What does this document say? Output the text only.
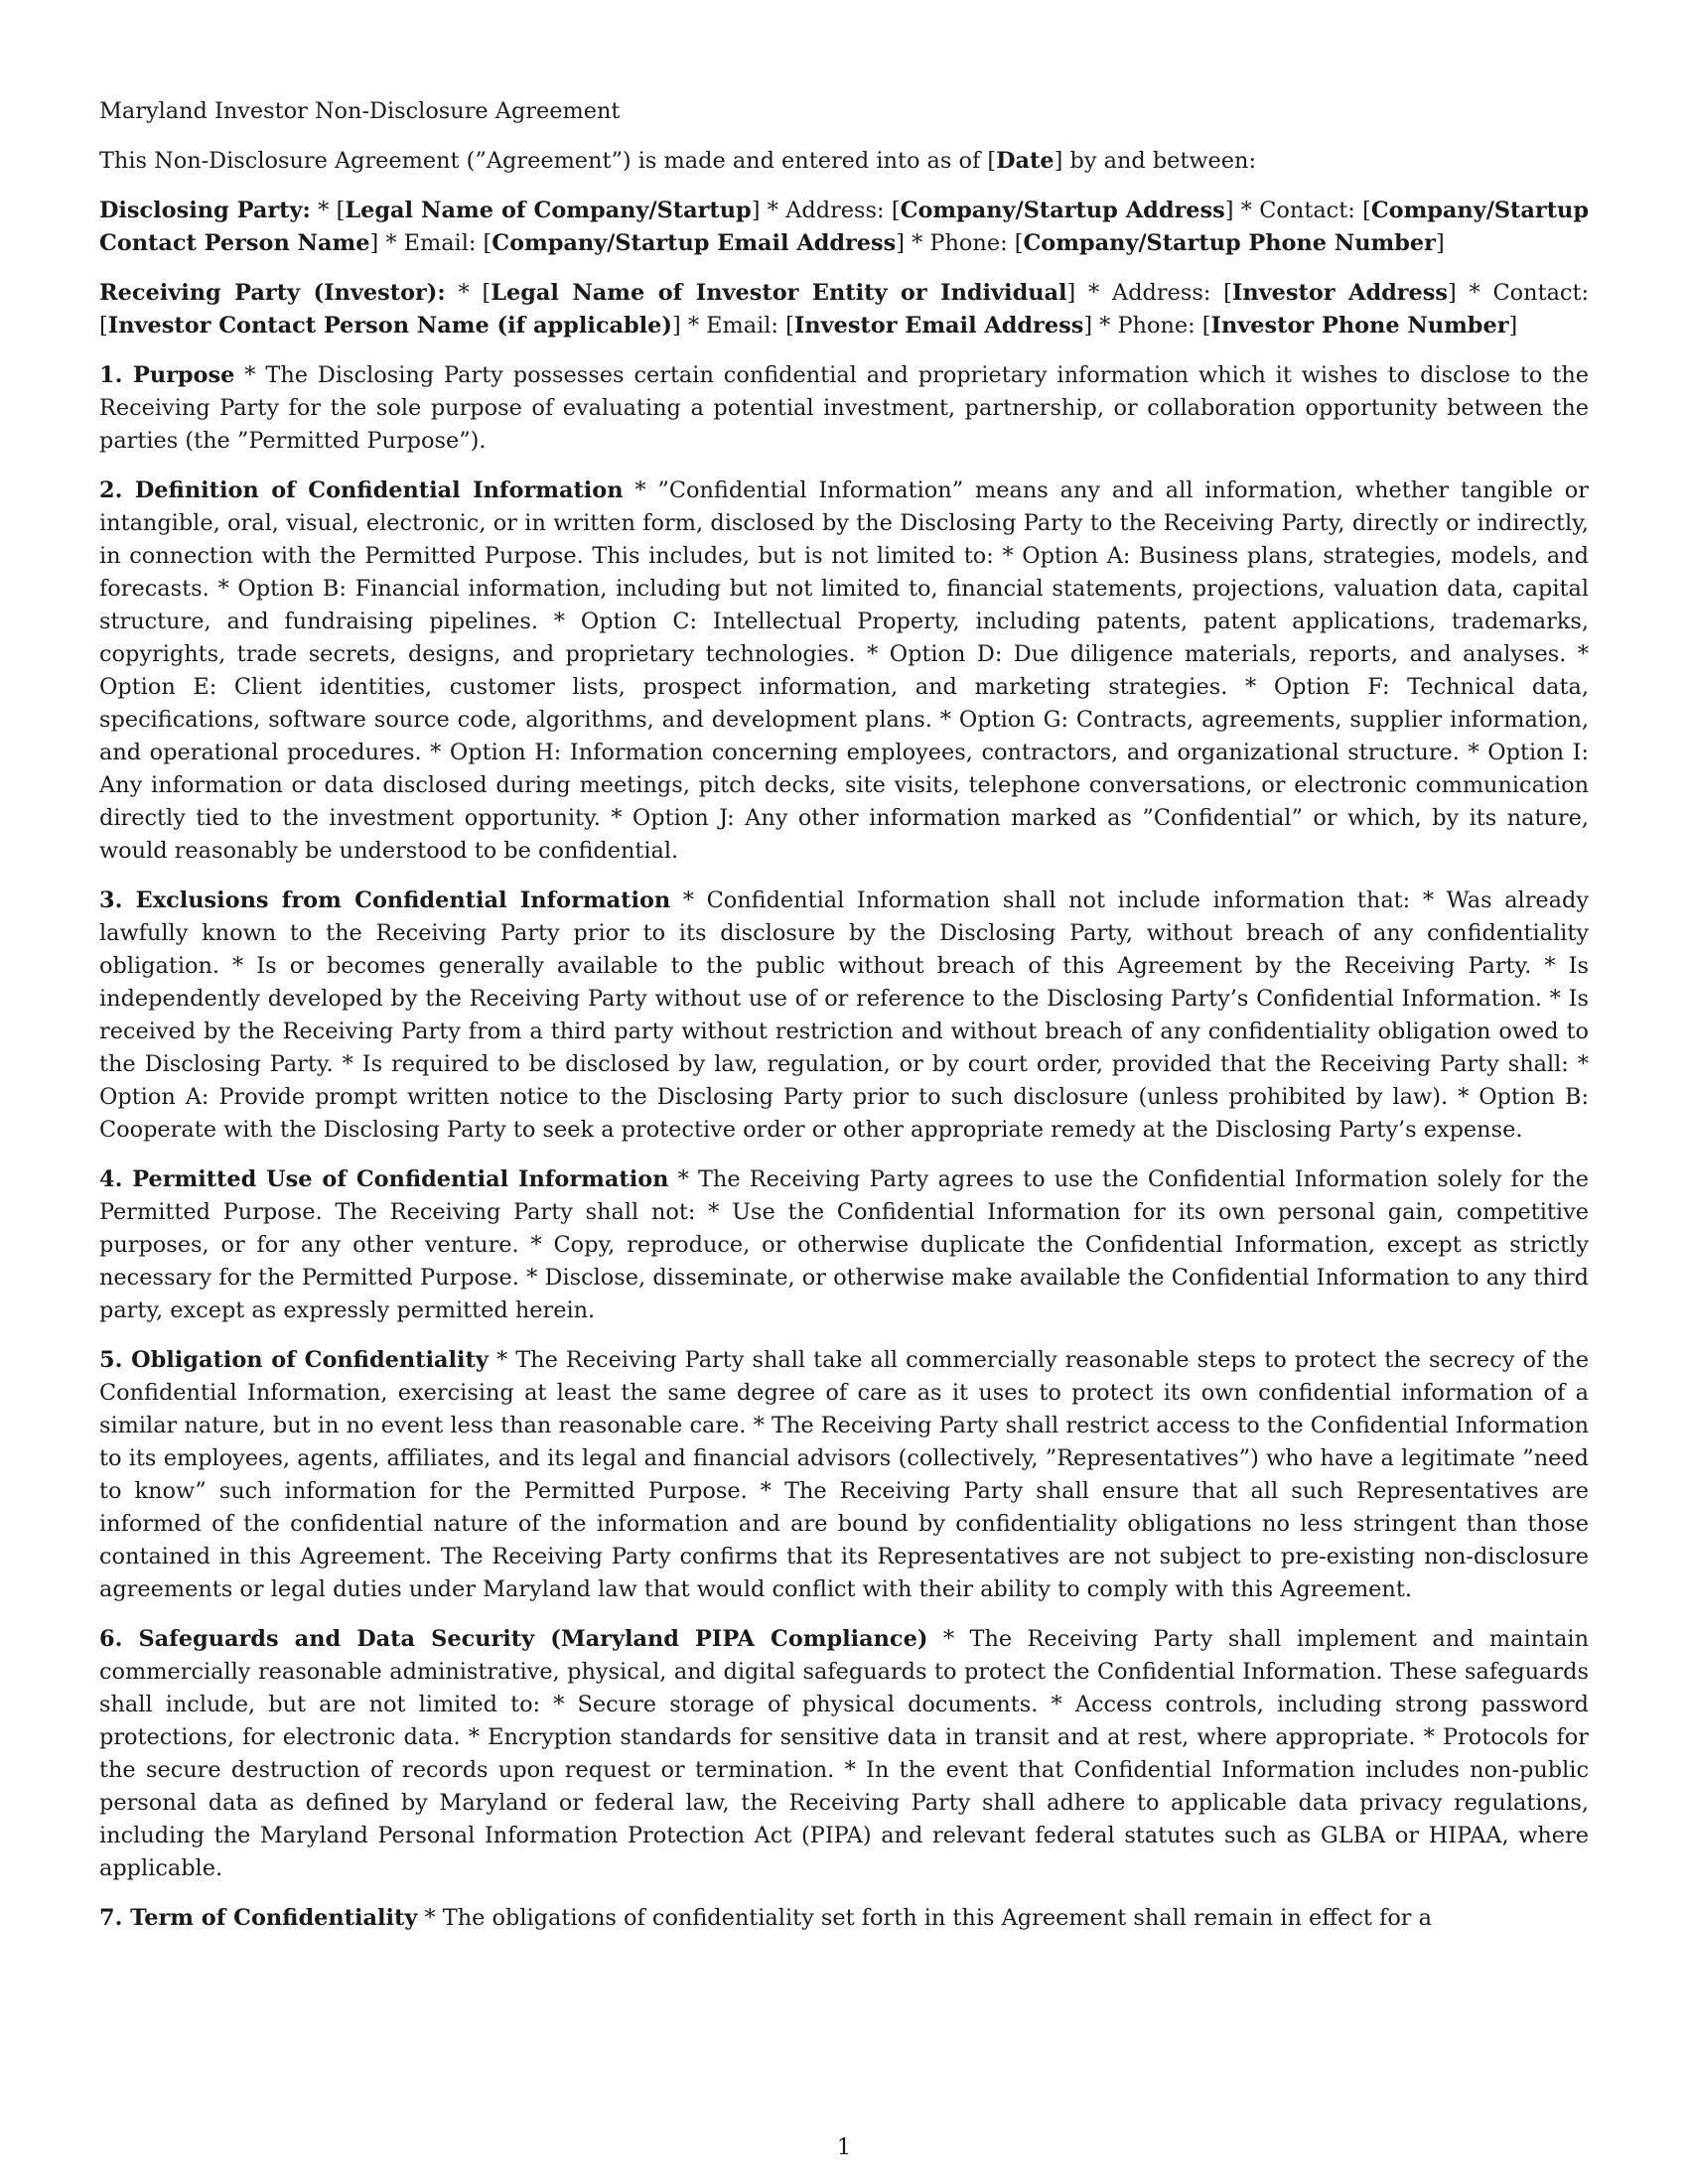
Maryland Investor Non-Disclosure Agreement

This Non-Disclosure Agreement (”Agreement”) is made and entered into as of [Date] by and between:

Disclosing Party: * [Legal Name of Company/Startup] * Address: [Company/Startup Address] * Contact: [Company/Startup Contact Person Name] * Email: [Company/Startup Email Address] * Phone: [Company/Startup Phone Number]

Receiving Party (Investor): * [Legal Name of Investor Entity or Individual] * Address: [Investor Address] * Contact: [Investor Contact Person Name (if applicable)] * Email: [Investor Email Address] * Phone: [Investor Phone Number]

1. Purpose * The Disclosing Party possesses certain confidential and proprietary information which it wishes to disclose to the Receiving Party for the sole purpose of evaluating a potential investment, partnership, or collaboration opportunity between the parties (the ”Permitted Purpose”).

2. Definition of Confidential Information * ”Confidential Information” means any and all information, whether tangible or intangible, oral, visual, electronic, or in written form, disclosed by the Disclosing Party to the Receiving Party, directly or indirectly, in connection with the Permitted Purpose. This includes, but is not limited to: * Option A: Business plans, strategies, models, and forecasts. * Option B: Financial information, including but not limited to, financial statements, projections, valuation data, capital structure, and fundraising pipelines. * Option C: Intellectual Property, including patents, patent applications, trademarks, copyrights, trade secrets, designs, and proprietary technologies. * Option D: Due diligence materials, reports, and analyses. * Option E: Client identities, customer lists, prospect information, and marketing strategies. * Option F: Technical data, specifications, software source code, algorithms, and development plans. * Option G: Contracts, agreements, supplier information, and operational procedures. * Option H: Information concerning employees, contractors, and organizational structure. * Option I: Any information or data disclosed during meetings, pitch decks, site visits, telephone conversations, or electronic communication directly tied to the investment opportunity. * Option J: Any other information marked as ”Confidential” or which, by its nature, would reasonably be understood to be confidential.

3. Exclusions from Confidential Information * Confidential Information shall not include information that: * Was already lawfully known to the Receiving Party prior to its disclosure by the Disclosing Party, without breach of any confidentiality obligation. * Is or becomes generally available to the public without breach of this Agreement by the Receiving Party. * Is independently developed by the Receiving Party without use of or reference to the Disclosing Party’s Confidential Information. * Is received by the Receiving Party from a third party without restriction and without breach of any confidentiality obligation owed to the Disclosing Party. * Is required to be disclosed by law, regulation, or by court order, provided that the Receiving Party shall: * Option A: Provide prompt written notice to the Disclosing Party prior to such disclosure (unless prohibited by law). * Option B: Cooperate with the Disclosing Party to seek a protective order or other appropriate remedy at the Disclosing Party’s expense.

4. Permitted Use of Confidential Information * The Receiving Party agrees to use the Confidential Information solely for the Permitted Purpose. The Receiving Party shall not: * Use the Confidential Information for its own personal gain, competitive purposes, or for any other venture. * Copy, reproduce, or otherwise duplicate the Confidential Information, except as strictly necessary for the Permitted Purpose. * Disclose, disseminate, or otherwise make available the Confidential Information to any third party, except as expressly permitted herein.

5. Obligation of Confidentiality * The Receiving Party shall take all commercially reasonable steps to protect the secrecy of the Confidential Information, exercising at least the same degree of care as it uses to protect its own confidential information of a similar nature, but in no event less than reasonable care. * The Receiving Party shall restrict access to the Confidential Information to its employees, agents, affiliates, and its legal and financial advisors (collectively, ”Representatives”) who have a legitimate ”need to know” such information for the Permitted Purpose. * The Receiving Party shall ensure that all such Representatives are informed of the confidential nature of the information and are bound by confidentiality obligations no less stringent than those contained in this Agreement. The Receiving Party confirms that its Representatives are not subject to pre-existing non-disclosure agreements or legal duties under Maryland law that would conflict with their ability to comply with this Agreement.

6. Safeguards and Data Security (Maryland PIPA Compliance) * The Receiving Party shall implement and maintain commercially reasonable administrative, physical, and digital safeguards to protect the Confidential Information. These safeguards shall include, but are not limited to: * Secure storage of physical documents. * Access controls, including strong password protections, for electronic data. * Encryption standards for sensitive data in transit and at rest, where appropriate. * Protocols for the secure destruction of records upon request or termination. * In the event that Confidential Information includes non-public personal data as defined by Maryland or federal law, the Receiving Party shall adhere to applicable data privacy regulations, including the Maryland Personal Information Protection Act (PIPA) and relevant federal statutes such as GLBA or HIPAA, where applicable.

7. Term of Confidentiality * The obligations of confidentiality set forth in this Agreement shall remain in effect for a

1
